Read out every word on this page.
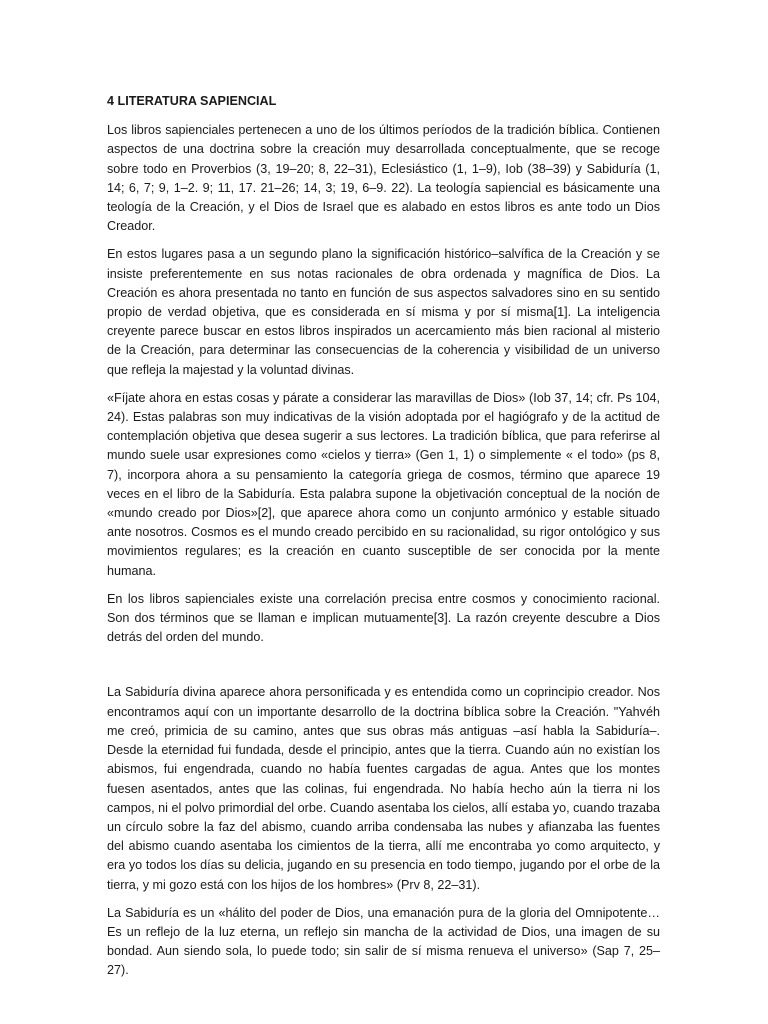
4 LITERATURA SAPIENCIAL

Los libros sapienciales pertenecen a uno de los últimos períodos de la tradición bíblica. Contienen aspectos de una doctrina sobre la creación muy desarrollada conceptualmente, que se recoge sobre todo en Proverbios (3, 19–20; 8, 22–31), Eclesiástico (1, 1–9), Iob (38–39) y Sabiduría (1, 14; 6, 7; 9, 1–2. 9; 11, 17. 21–26; 14, 3; 19, 6–9. 22). La teología sapiencial es básicamente una teología de la Creación, y el Dios de Israel que es alabado en estos libros es ante todo un Dios Creador.

En estos lugares pasa a un segundo plano la significación histórico–salvífica de la Creación y se insiste preferentemente en sus notas racionales de obra ordenada y magnífica de Dios. La Creación es ahora presentada no tanto en función de sus aspectos salvadores sino en su sentido propio de verdad objetiva, que es considerada en sí misma y por sí misma[1]. La inteligencia creyente parece buscar en estos libros inspirados un acercamiento más bien racional al misterio de la Creación, para determinar las consecuencias de la coherencia y visibilidad de un universo que refleja la majestad y la voluntad divinas.

«Fíjate ahora en estas cosas y párate a considerar las maravillas de Dios» (Iob 37, 14; cfr. Ps 104, 24). Estas palabras son muy indicativas de la visión adoptada por el hagiógrafo y de la actitud de contemplación objetiva que desea sugerir a sus lectores. La tradición bíblica, que para referirse al mundo suele usar expresiones como «cielos y tierra» (Gen 1, 1) o simplemente « el todo» (ps 8, 7), incorpora ahora a su pensamiento la categoría griega de cosmos, término que aparece 19 veces en el libro de la Sabiduría. Esta palabra supone la objetivación conceptual de la noción de «mundo creado por Dios»[2], que aparece ahora como un conjunto armónico y estable situado ante nosotros. Cosmos es el mundo creado percibido en su racionalidad, su rigor ontológico y sus movimientos regulares; es la creación en cuanto susceptible de ser conocida por la mente humana.

En los libros sapienciales existe una correlación precisa entre cosmos y conocimiento racional. Son dos términos que se llaman e implican mutuamente[3]. La razón creyente descubre a Dios detrás del orden del mundo.

La Sabiduría divina aparece ahora personificada y es entendida como un coprincipio creador. Nos encontramos aquí con un importante desarrollo de la doctrina bíblica sobre la Creación. "Yahvéh me creó, primicia de su camino, antes que sus obras más antiguas –así habla la Sabiduría–. Desde la eternidad fui fundada, desde el principio, antes que la tierra. Cuando aún no existían los abismos, fui engendrada, cuando no había fuentes cargadas de agua. Antes que los montes fuesen asentados, antes que las colinas, fui engendrada. No había hecho aún la tierra ni los campos, ni el polvo primordial del orbe. Cuando asentaba los cielos, allí estaba yo, cuando trazaba un círculo sobre la faz del abismo, cuando arriba condensaba las nubes y afianzaba las fuentes del abismo cuando asentaba los cimientos de la tierra, allí me encontraba yo como arquitecto, y era yo todos los días su delicia, jugando en su presencia en todo tiempo, jugando por el orbe de la tierra, y mi gozo está con los hijos de los hombres» (Prv 8, 22–31).

La Sabiduría es un «hálito del poder de Dios, una emanación pura de la gloria del Omnipotente… Es un reflejo de la luz eterna, un reflejo sin mancha de la actividad de Dios, una imagen de su bondad. Aun siendo sola, lo puede todo; sin salir de sí misma renueva el universo» (Sap 7, 25–27).
